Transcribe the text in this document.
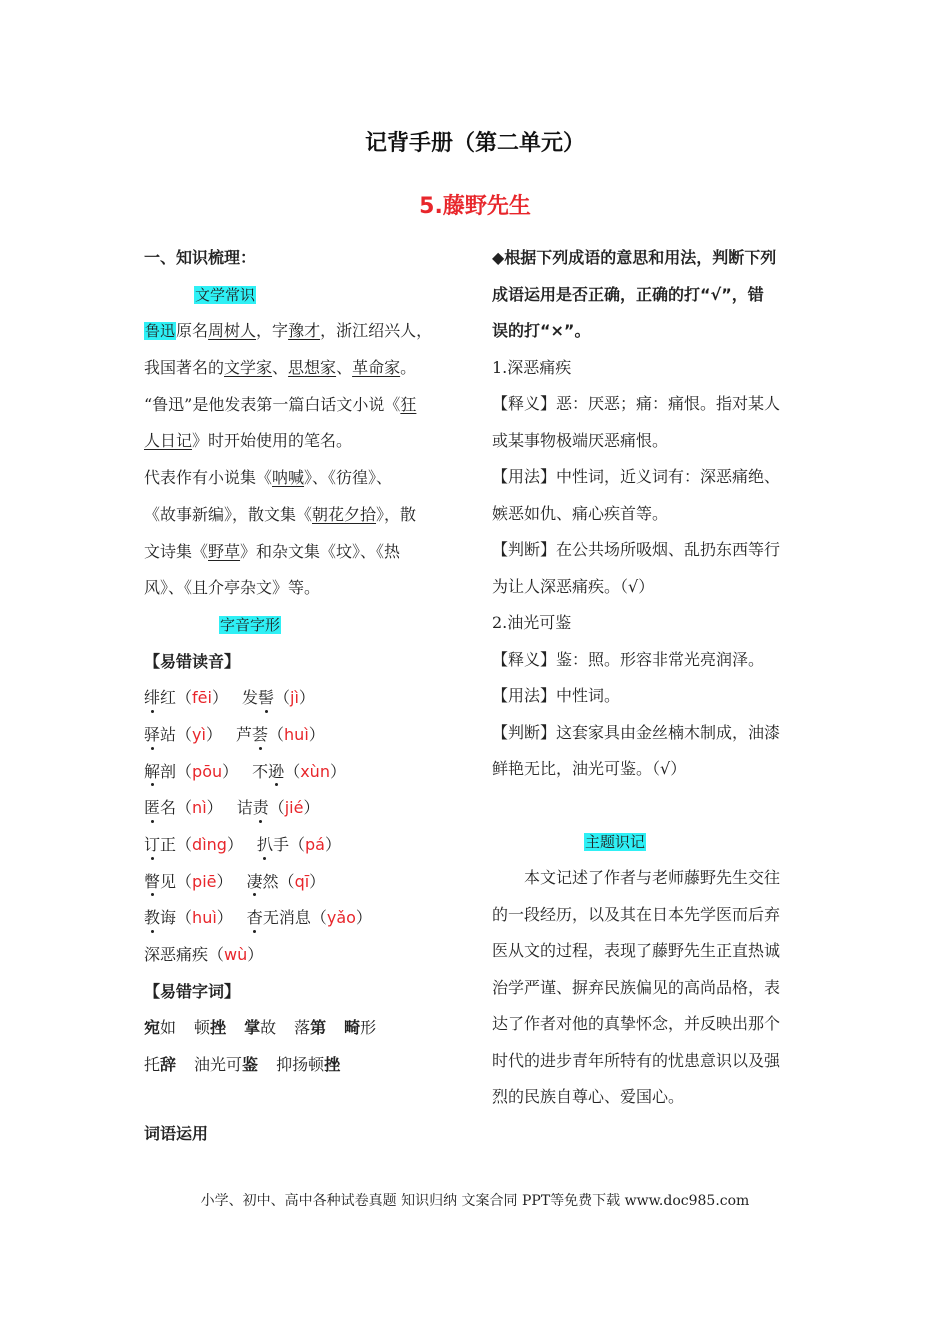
记背手册（第二单元）
5.藤野先生
一、知识梳理：
文学常识
鲁迅原名周树人，字豫才，浙江绍兴人，
我国著名的文学家、思想家、革命家。
“鲁迅”是他发表第一篇白话文小说《狂
人日记》时开始使用的笔名。
代表作有小说集《呐喊》、《彷徨》、
《故事新编》，散文集《朝花夕拾》，散
文诗集《野草》和杂文集《坟》、《热
风》、《且介亭杂文》等。
字音字形
【易错读音】
绯红（fēi） 发髻（jì）
驿站（yì） 芦荟（huì）
解剖（pōu） 不逊（xùn）
匿名（nì） 诘责（jié）
订正（dìng） 扒手（pá）
瞥见（piē） 凄然（qī）
教诲（huì） 杳无消息（yǎo）
深恶痛疾（wù）
【易错字词】
宛如 顿挫 掌故 落第 畸形
托辞 油光可鉴 抑扬顿挫
词语运用
◆根据下列成语的意思和用法，判断下列
成语运用是否正确，正确的打“√”，错
误的打“×”。
1.深恶痛疾
【释义】恶：厌恶；痛：痛恨。指对某人
或某事物极端厌恶痛恨。
【用法】中性词，近义词有：深恶痛绝、
嫉恶如仇、痛心疾首等。
【判断】在公共场所吸烟、乱扔东西等行
为让人深恶痛疾。（√）
2.油光可鉴
【释义】鉴：照。形容非常光亮润泽。
【用法】中性词。
【判断】这套家具由金丝楠木制成，油漆
鲜艳无比，油光可鉴。（√）
主题识记
本文记述了作者与老师藤野先生交往
的一段经历，以及其在日本先学医而后弃
医从文的过程，表现了藤野先生正直热诚
治学严谨、摒弃民族偏见的高尚品格，表
达了作者对他的真挚怀念，并反映出那个
时代的进步青年所特有的忧患意识以及强
烈的民族自尊心、爱国心。
小学、初中、高中各种试卷真题 知识归纳 文案合同 PPT等免费下载 www.doc985.com
